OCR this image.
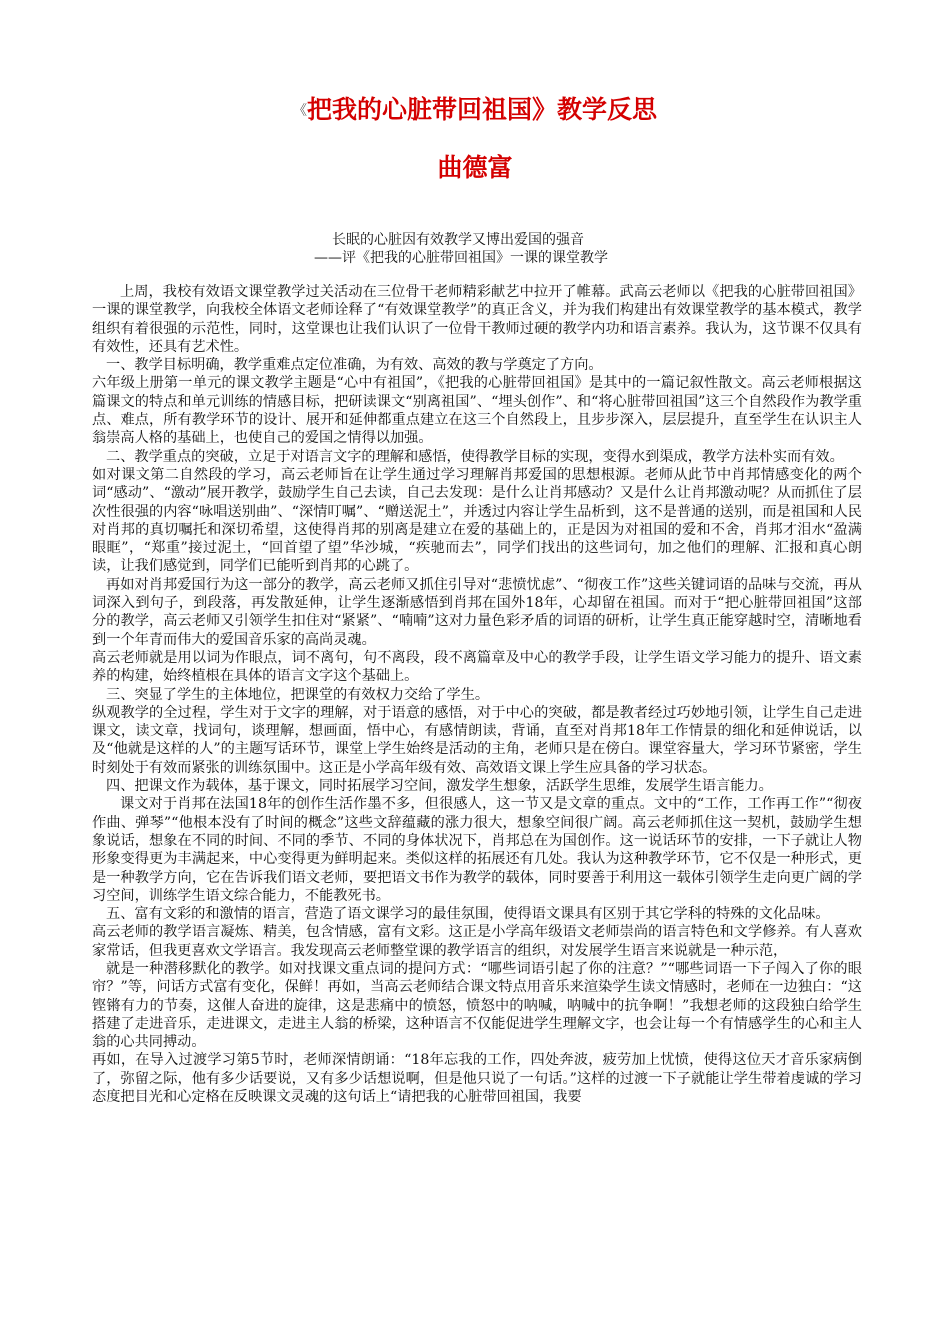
《把我的心脏带回祖国》教学反思
曲德富
长眠的心脏因有效教学又博出爱国的强音
——评《把我的心脏带回祖国》一课的课堂教学

上周，我校有效语文课堂教学过关活动在三位骨干老师精彩献艺中拉开了帷幕。武高云老师以《把我的心脏带回祖国》一课的课堂教学，向我校全体语文老师诠释了“有效课堂教学”的真正含义，并为我们构建出有效课堂教学的基本模式，教学组织有着很强的示范性，同时，这堂课也让我们认识了一位骨干教师过硬的教学内功和语言素养。我认为，这节课不仅具有有效性，还具有艺术性。

一、教学目标明确，教学重难点定位准确，为有效、高效的教与学奠定了方向。

六年级上册第一单元的课文教学主题是“心中有祖国”，《把我的心脏带回祖国》是其中的一篇记叙性散文。高云老师根据这篇课文的特点和单元训练的情感目标，把研读课文“别离祖国”、“埋头创作”、和“将心脏带回祖国”这三个自然段作为教学重点、难点，所有教学环节的设计、展开和延伸都重点建立在这三个自然段上，且步步深入，层层提升，直至学生在认识主人翁崇高人格的基础上，也使自己的爱国之情得以加强。

二、教学重点的突破，立足于对语言文字的理解和感悟，使得教学目标的实现，变得水到渠成，教学方法朴实而有效。

如对课文第二自然段的学习，高云老师旨在让学生通过学习理解肖邦爱国的思想根源。老师从此节中肖邦情感变化的两个词“感动”、“激动”展开教学，鼓励学生自己去读，自己去发现：是什么让肖邦感动？又是什么让肖邦激动呢？从而抓住了层次性很强的内容“咏唱送别曲”、“深情叮嘱”、“赠送泥土”，并透过内容让学生品析到，这不是普通的送别，而是祖国和人民对肖邦的真切嘱托和深切希望，这使得肖邦的别离是建立在爱的基础上的，正是因为对祖国的爱和不舍，肖邦才泪水“盈满眼眶”，“郑重”接过泥土，“回首望了望”华沙城，“疾驰而去”，同学们找出的这些词句，加之他们的理解、汇报和真心朗读，让我们感觉到，同学们已能听到肖邦的心跳了。

再如对肖邦爱国行为这一部分的教学，高云老师又抓住引导对“悲愤忧虑”、“彻夜工作”这些关键词语的品味与交流，再从词深入到句子，到段落，再发散延伸，让学生逐渐感悟到肖邦在国外18年，心却留在祖国。而对于“把心脏带回祖国”这部分的教学，高云老师又引领学生扣住对“紧紧”、“喃喃”这对力量色彩矛盾的词语的研析，让学生真正能穿越时空，清晰地看到一个年青而伟大的爱国音乐家的高尚灵魂。

高云老师就是用以词为作眼点，词不离句，句不离段，段不离篇章及中心的教学手段，让学生语文学习能力的提升、语文素养的构建，始终植根在具体的语言文字这个基础上。

三、突显了学生的主体地位，把课堂的有效权力交给了学生。

纵观教学的全过程，学生对于文字的理解，对于语意的感悟，对于中心的突破，都是教者经过巧妙地引领，让学生自己走进课文，读文章，找词句，谈理解，想画面，悟中心，有感情朗读，背诵，直至对肖邦18年工作情景的细化和延伸说话，以及“他就是这样的人”的主题写话环节，课堂上学生始终是活动的主角，老师只是在傍白。课堂容量大，学习环节紧密，学生时刻处于有效而紧张的训练氛围中。这正是小学高年级有效、高效语文课上学生应具备的学习状态。

四、把课文作为载体，基于课文，同时拓展学习空间，激发学生想象，活跃学生思维，发展学生语言能力。

课文对于肖邦在法国18年的创作生活作墨不多，但很感人，这一节又是文章的重点。文中的“工作，工作再工作”“彻夜作曲、弹琴”“他根本没有了时间的概念”这些文辞蕴藏的涨力很大，想象空间很广阔。高云老师抓住这一契机，鼓励学生想象说话，想象在不同的时间、不同的季节、不同的身体状况下，肖邦总在为国创作。这一说话环节的安排，一下子就让人物形象变得更为丰满起来，中心变得更为鲜明起来。类似这样的拓展还有几处。我认为这种教学环节，它不仅是一种形式，更是一种教学方向，它在告诉我们语文老师，要把语文书作为教学的载体，同时要善于利用这一载体引领学生走向更广阔的学习空间，训练学生语文综合能力，不能教死书。

五、富有文彩的和激情的语言，营造了语文课学习的最佳氛围，使得语文课具有区别于其它学科的特殊的文化品味。

高云老师的教学语言凝炼、精美，包含情感，富有文彩。这正是小学高年级语文老师崇尚的语言特色和文学修养。有人喜欢家常话，但我更喜欢文学语言。我发现高云老师整堂课的教学语言的组织，对发展学生语言来说就是一种示范，

就是一种潜移默化的教学。如对找课文重点词的提问方式：“哪些词语引起了你的注意？”“哪些词语一下子闯入了你的眼帘？”等，问话方式富有变化，保鲜！再如，当高云老师结合课文特点用音乐来渲染学生读文情感时，老师在一边独白：“这铿锵有力的节奏，这催人奋进的旋律，这是悲痛中的愤怒，愤怒中的呐喊，呐喊中的抗争啊！”我想老师的这段独白给学生搭建了走进音乐，走进课文，走进主人翁的桥梁，这种语言不仅能促进学生理解文字，也会让每一个有情感学生的心和主人翁的心共同搏动。

再如，在导入过渡学习第5节时，老师深情朗诵：“18年忘我的工作，四处奔波，疲劳加上忧愤，使得这位天才音乐家病倒了，弥留之际，他有多少话要说，又有多少话想说啊，但是他只说了一句话。”这样的过渡一下子就能让学生带着虔诚的学习态度把目光和心定格在反映课文灵魂的这句话上“请把我的心脏带回祖国，我要
